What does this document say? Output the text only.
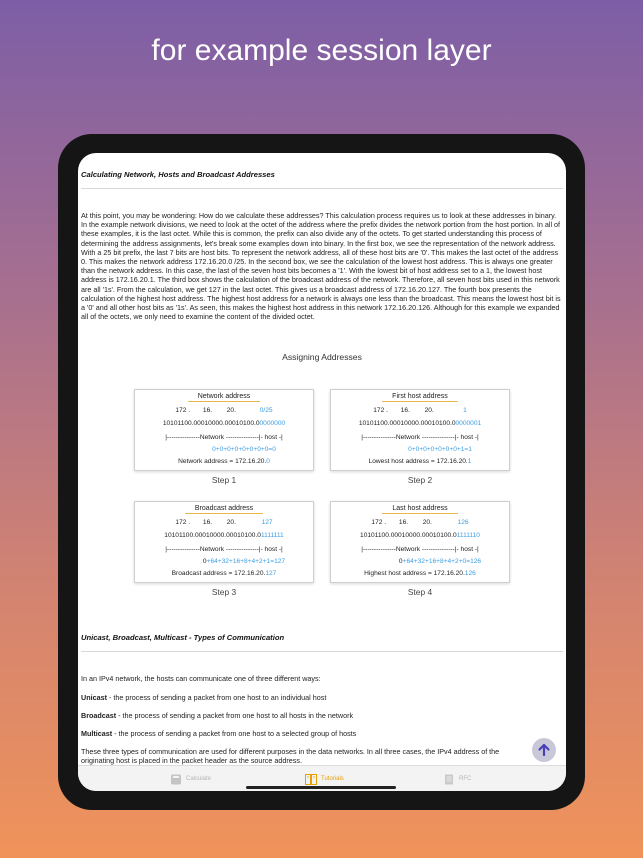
for example session layer
Calculating Network, Hosts and Broadcast Addresses
At this point, you may be wondering: How do we calculate these addresses? This calculation process requires us to look at these addresses in binary. In the example network divisions, we need to look at the octet of the address where the prefix divides the network portion from the host portion. In all of these examples, it is the last octet. While this is common, the prefix can also divide any of the octets. To get started understanding this process of determining the address assignments, let's break some examples down into binary. In the first box, we see the representation of the network address. With a 25 bit prefix, the last 7 bits are host bits. To represent the network address, all of these host bits are '0'. This makes the last octet of the address 0. This makes the network address 172.16.20.0 /25. In the second box, we see the calculation of the lowest host address. This is always one greater than the network address. In this case, the last of the seven host bits becomes a '1'. With the lowest bit of host address set to a 1, the lowest host address is 172.16.20.1. The third box shows the calculation of the broadcast address of the network. Therefore, all seven host bits used in this network are all '1s'. From the calculation, we get 127 in the last octet. This gives us a broadcast address of 172.16.20.127. The fourth box presents the calculation of the highest host address. The highest host address for a network is always one less than the broadcast. This means the lowest host bit is a '0' and all other host bits as '1s'. As seen, this makes the highest host address in this network 172.16.20.126. Although for this example we expanded all of the octets, we only need to examine the content of the divided octet.
Assigning Addresses
Network address
172 . 16. 20.	0/25
10101100.00010000.00010100.00000000
|---------------Network ---------------|- host -|
0+0+0+0+0+0+0+0=0
Network address = 172.16.20.0
Step 1
First host address
172 . 16. 20.	1
10101100.00010000.00010100.00000001
|---------------Network ---------------|- host -|
0+0+0+0+0+0+0+1=1
Lowest host address = 172.16.20.1
Step 2
Broadcast address
172 . 16. 20.	127
10101100.00010000.00010100.01111111
|---------------Network ---------------|- host -|
0+64+32+16+8+4+2+1=127
Broadcast address = 172.16.20.127
Step 3
Last host address
172 . 16. 20.	126
10101100.00010000.00010100.01111110
|---------------Network ---------------|- host -|
0+64+32+16+8+4+2+0=126
Highest host address = 172.16.20.126
Step 4
Unicast, Broadcast, Multicast - Types of Communication
In an IPv4 network, the hosts can communicate one of three different ways:
Unicast - the process of sending a packet from one host to an individual host
Broadcast - the process of sending a packet from one host to all hosts in the network
Multicast - the process of sending a packet from one host to a selected group of hosts
These three types of communication are used for different purposes in the data networks. In all three cases, the IPv4 address of the originating host is placed in the packet header as the source address.
Calculate	Tutorials	RFC
